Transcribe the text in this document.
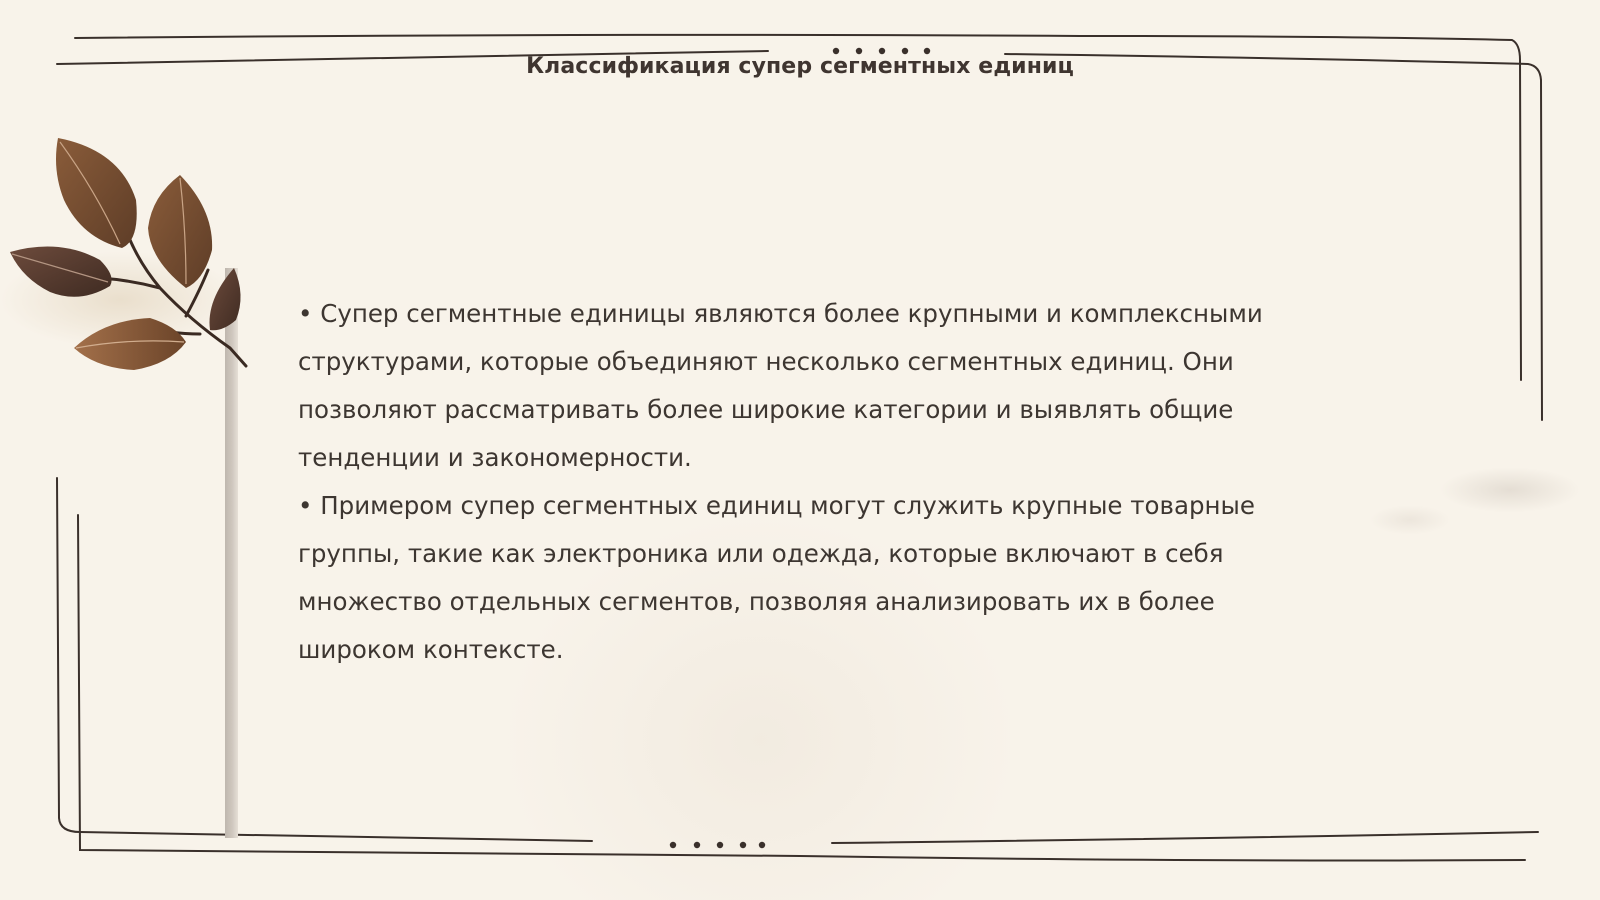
Классификация супер сегментных единиц

• Супер сегментные единицы являются более крупными и комплексными структурами, которые объединяют несколько сегментных единиц. Они позволяют рассматривать более широкие категории и выявлять общие тенденции и закономерности.

• Примером супер сегментных единиц могут служить крупные товарные группы, такие как электроника или одежда, которые включают в себя множество отдельных сегментов, позволяя анализировать их в более широком контексте.
